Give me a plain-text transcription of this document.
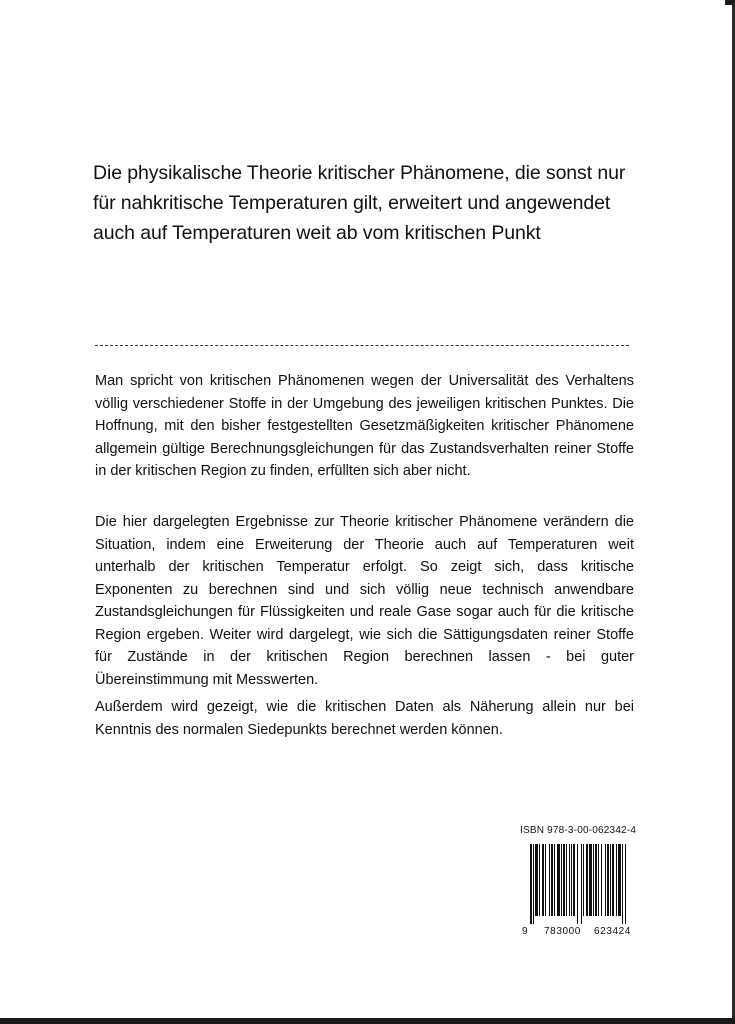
Die physikalische Theorie kritischer Phänomene, die sonst nur
für nahkritische Temperaturen gilt, erweitert und angewendet
auch auf Temperaturen weit ab vom kritischen Punkt
Man spricht von kritischen Phänomenen wegen der Universalität des Verhaltens völlig verschiedener Stoffe in der Umgebung des jeweiligen kritischen Punktes. Die Hoffnung, mit den bisher festgestellten Gesetzmäßigkeiten kritischer Phänomene allgemein gültige Berechnungsgleichungen für das Zustandsverhalten reiner Stoffe in der kritischen Region zu finden, erfüllten sich aber nicht.
Die hier dargelegten Ergebnisse zur Theorie kritischer Phänomene verändern die Situation, indem eine Erweiterung der Theorie auch auf Temperaturen weit unterhalb der kritischen Temperatur erfolgt. So zeigt sich, dass kritische Exponenten zu berechnen sind und sich völlig neue technisch anwendbare Zustandsgleichungen für Flüssigkeiten und reale Gase sogar auch für die kritische Region ergeben. Weiter wird dargelegt, wie sich die Sättigungsdaten reiner Stoffe für Zustände in der kritischen Region berechnen lassen - bei guter Übereinstimmung mit Messwerten.
Außerdem wird gezeigt, wie die kritischen Daten als Näherung allein nur bei Kenntnis des normalen Siedepunkts berechnet werden können.
ISBN 978-3-00-062342-4
9 783000 623424
